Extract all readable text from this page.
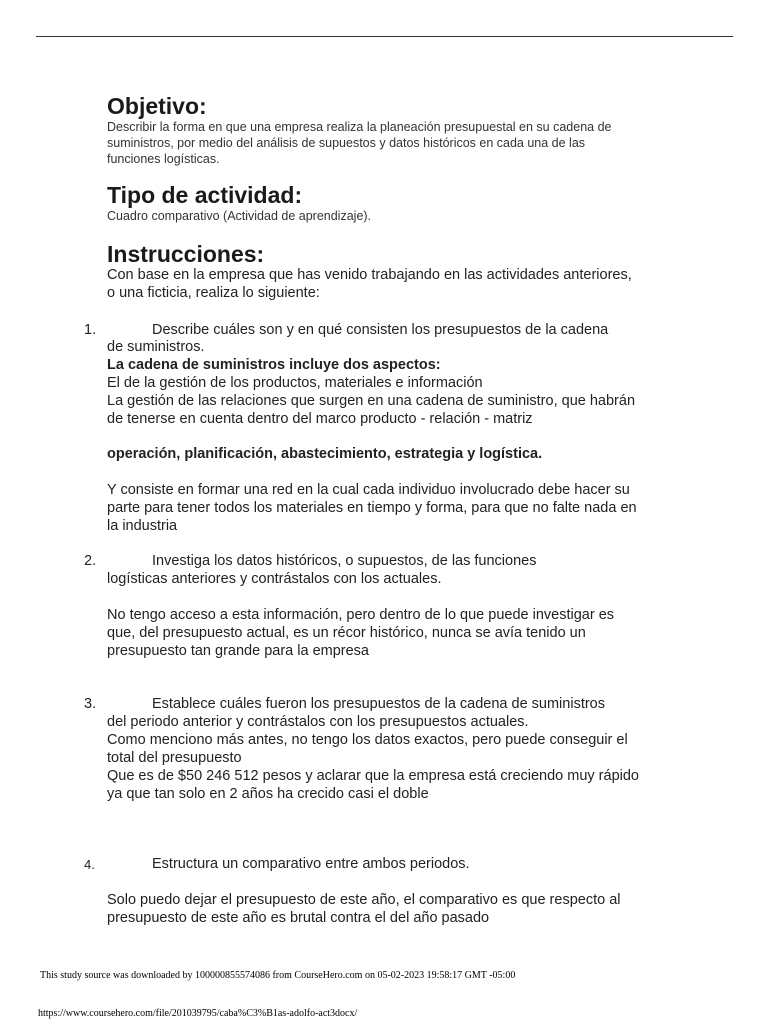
Objetivo:
Describir la forma en que una empresa realiza la planeación presupuestal en su cadena de
suministros, por medio del análisis de supuestos y datos históricos en cada una de las
funciones logísticas.
Tipo de actividad:
Cuadro comparativo (Actividad de aprendizaje).
Instrucciones:
Con base en la empresa que has venido trabajando en las actividades anteriores,
o una ficticia, realiza lo siguiente:
1.	Describe cuáles son y en qué consisten los presupuestos de la cadena
de suministros.
La cadena de suministros incluye dos aspectos:
El de la gestión de los productos, materiales e información
La gestión de las relaciones que surgen en una cadena de suministro, que habrán
de tenerse en cuenta dentro del marco producto - relación - matriz
operación, planificación, abastecimiento, estrategia y logística.
Y consiste en formar una red en la cual cada individuo involucrado debe hacer su
parte para tener todos los materiales en tiempo y forma, para que no falte nada en
la industria
2.	Investiga los datos históricos, o supuestos, de las funciones
logísticas anteriores y contrástalos con los actuales.
No tengo acceso a esta información, pero dentro de lo que puede investigar es
que, del presupuesto actual, es un récor histórico, nunca se avía tenido un
presupuesto tan grande para la empresa
3.	Establece cuáles fueron los presupuestos de la cadena de suministros
del periodo anterior y contrástalos con los presupuestos actuales.
Como menciono más antes, no tengo los datos exactos, pero puede conseguir el
total del presupuesto
Que es de $50 246 512 pesos y aclarar que la empresa está creciendo muy rápido
ya que tan solo en 2 años ha crecido casi el doble
4.	Estructura un comparativo entre ambos periodos.
Solo puedo dejar el presupuesto de este año, el comparativo es que respecto al
presupuesto de este año es brutal contra el del año pasado
This study source was downloaded by 100000855574086 from CourseHero.com on 05-02-2023 19:58:17 GMT -05:00
https://www.coursehero.com/file/201039795/caba%C3%B1as-adolfo-act3docx/
